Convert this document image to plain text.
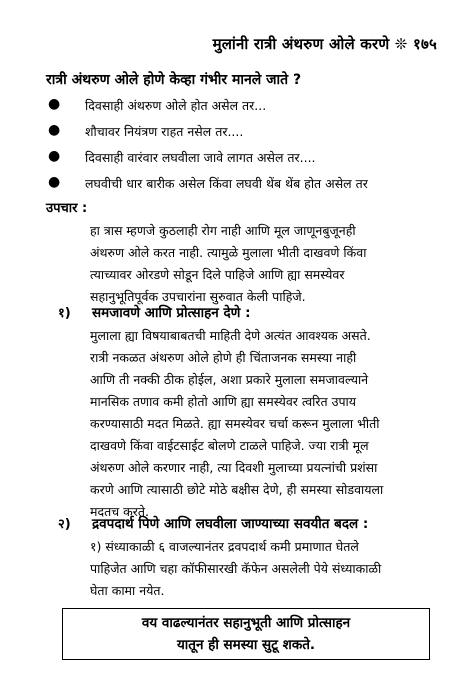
मुलांनी रात्री अंथरुण ओले करणे ❊ १७५
रात्री अंथरुण ओले होणे केव्हा गंभीर मानले जाते ?
● दिवसाही अंथरुण ओले होत असेल तर...
● शौचावर नियंत्रण राहत नसेल तर....
● दिवसाही वारंवार लघवीला जावे लागत असेल तर....
● लघवीची धार बारीक असेल किंवा लघवी थेंब थेंब होत असेल तर
उपचार :
हा त्रास म्हणजे कुठलाही रोग नाही आणि मूल जाणूनबुजूनही
अंथरुण ओले करत नाही. त्यामुळे मुलाला भीती दाखवणे किंवा
त्याच्यावर ओरडणे सोडून दिले पाहिजे आणि ह्या समस्येवर
सहानुभूतिपूर्वक उपचारांना सुरुवात केली पाहिजे.
१) समजावणे आणि प्रोत्साहन देणे :
मुलाला ह्या विषयाबाबतची माहिती देणे अत्यंत आवश्यक असते.
रात्री नकळत अंथरुण ओले होणे ही चिंताजनक समस्या नाही
आणि ती नक्की ठीक होईल, अशा प्रकारे मुलाला समजावल्याने
मानसिक तणाव कमी होतो आणि ह्या समस्येवर त्वरित उपाय
करण्यासाठी मदत मिळते. ह्या समस्येवर चर्चा करून मुलाला भीती
दाखवणे किंवा वाईटसाईट बोलणे टाळले पाहिजे. ज्या रात्री मूल
अंथरुण ओले करणार नाही, त्या दिवशी मुलाच्या प्रयत्नांची प्रशंसा
करणे आणि त्यासाठी छोटे मोठे बक्षीस देणे, ही समस्या सोडवायला
मदतच करते.
२) द्रवपदार्थ पिणे आणि लघवीला जाण्याच्या सवयीत बदल :
१) संध्याकाळी ६ वाजल्यानंतर द्रवपदार्थ कमी प्रमाणात घेतले
पाहिजेत आणि चहा कॉफीसारखी कॅफेन असलेली पेये संध्याकाळी
घेता कामा नयेत.
वय वाढल्यानंतर सहानुभूती आणि प्रोत्साहन
यातून ही समस्या सुटू शकते.
